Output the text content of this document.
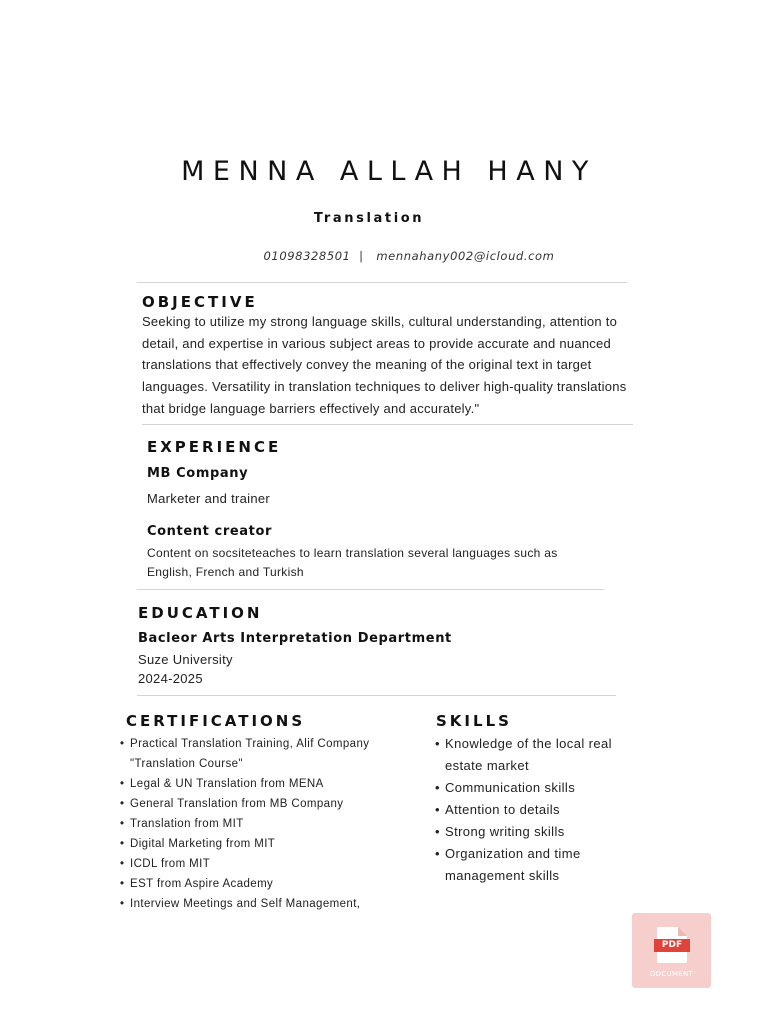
MENNA ALLAH HANY
Translation
01098328501  |   mennahany002@icloud.com
OBJECTIVE
Seeking to utilize my strong language skills, cultural understanding, attention to
detail, and expertise in various subject areas to provide accurate and nuanced
translations that effectively convey the meaning of the original text in target
languages. Versatility in translation techniques to deliver high-quality translations
that bridge language barriers effectively and accurately."
EXPERIENCE
MB Company
Marketer and trainer
Content creator
Content on socsiteteaches to learn translation several languages such as
English, French and Turkish
EDUCATION
Bacleor Arts Interpretation Department
Suze University
2024-2025
CERTIFICATIONS
• Practical Translation Training, Alif Company
"Translation Course"
• Legal & UN Translation from MENA
• General Translation from MB Company
• Translation from MIT
• Digital Marketing from MIT
• ICDL from MIT
• EST from Aspire Academy
• Interview Meetings and Self Management,
SKILLS
• Knowledge of the local real estate market
• Communication skills
• Attention to details
• Strong writing skills
• Organization and time management skills
PDF
DOCUMENT
